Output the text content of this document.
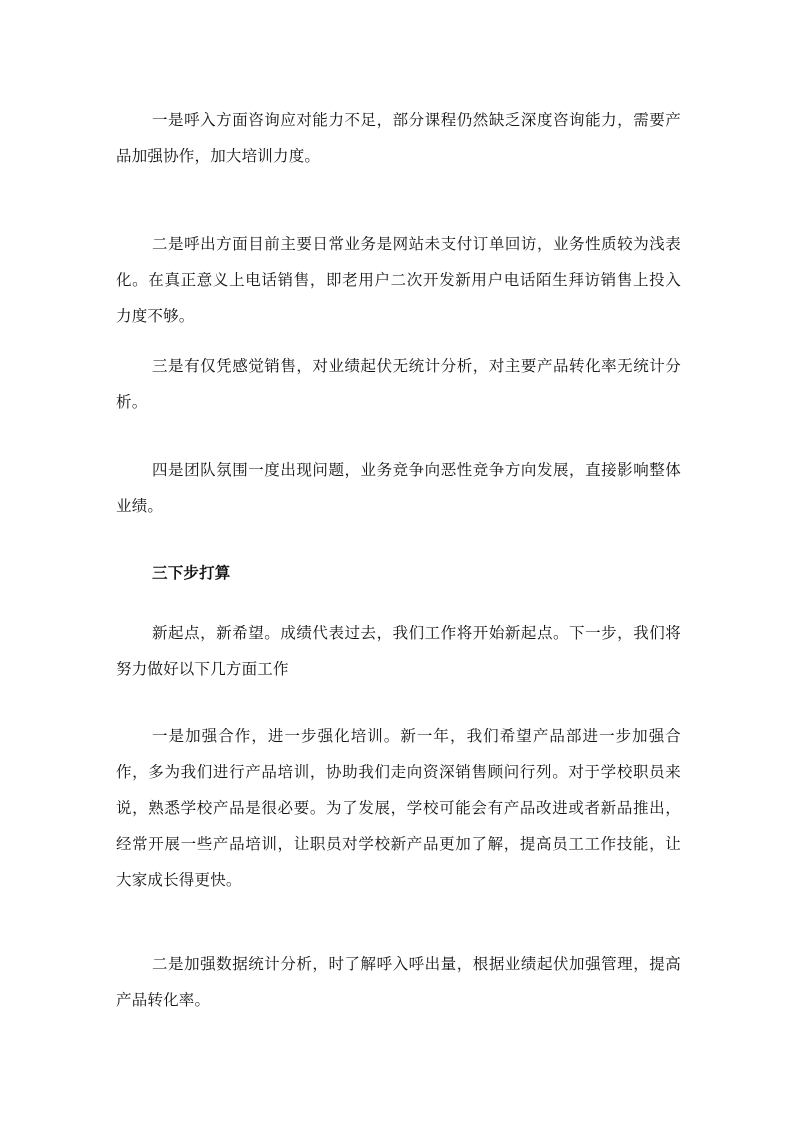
一是呼入方面咨询应对能力不足，部分课程仍然缺乏深度咨询能力，需要产品加强协作，加大培训力度。

二是呼出方面目前主要日常业务是网站未支付订单回访，业务性质较为浅表化。在真正意义上电话销售，即老用户二次开发新用户电话陌生拜访销售上投入力度不够。

三是有仅凭感觉销售，对业绩起伏无统计分析，对主要产品转化率无统计分析。

四是团队氛围一度出现问题，业务竞争向恶性竞争方向发展，直接影响整体业绩。

三下步打算

新起点，新希望。成绩代表过去，我们工作将开始新起点。下一步，我们将努力做好以下几方面工作

一是加强合作，进一步强化培训。新一年，我们希望产品部进一步加强合作，多为我们进行产品培训，协助我们走向资深销售顾问行列。对于学校职员来说，熟悉学校产品是很必要。为了发展，学校可能会有产品改进或者新品推出，经常开展一些产品培训，让职员对学校新产品更加了解，提高员工工作技能，让大家成长得更快。

二是加强数据统计分析，时了解呼入呼出量，根据业绩起伏加强管理，提高产品转化率。
